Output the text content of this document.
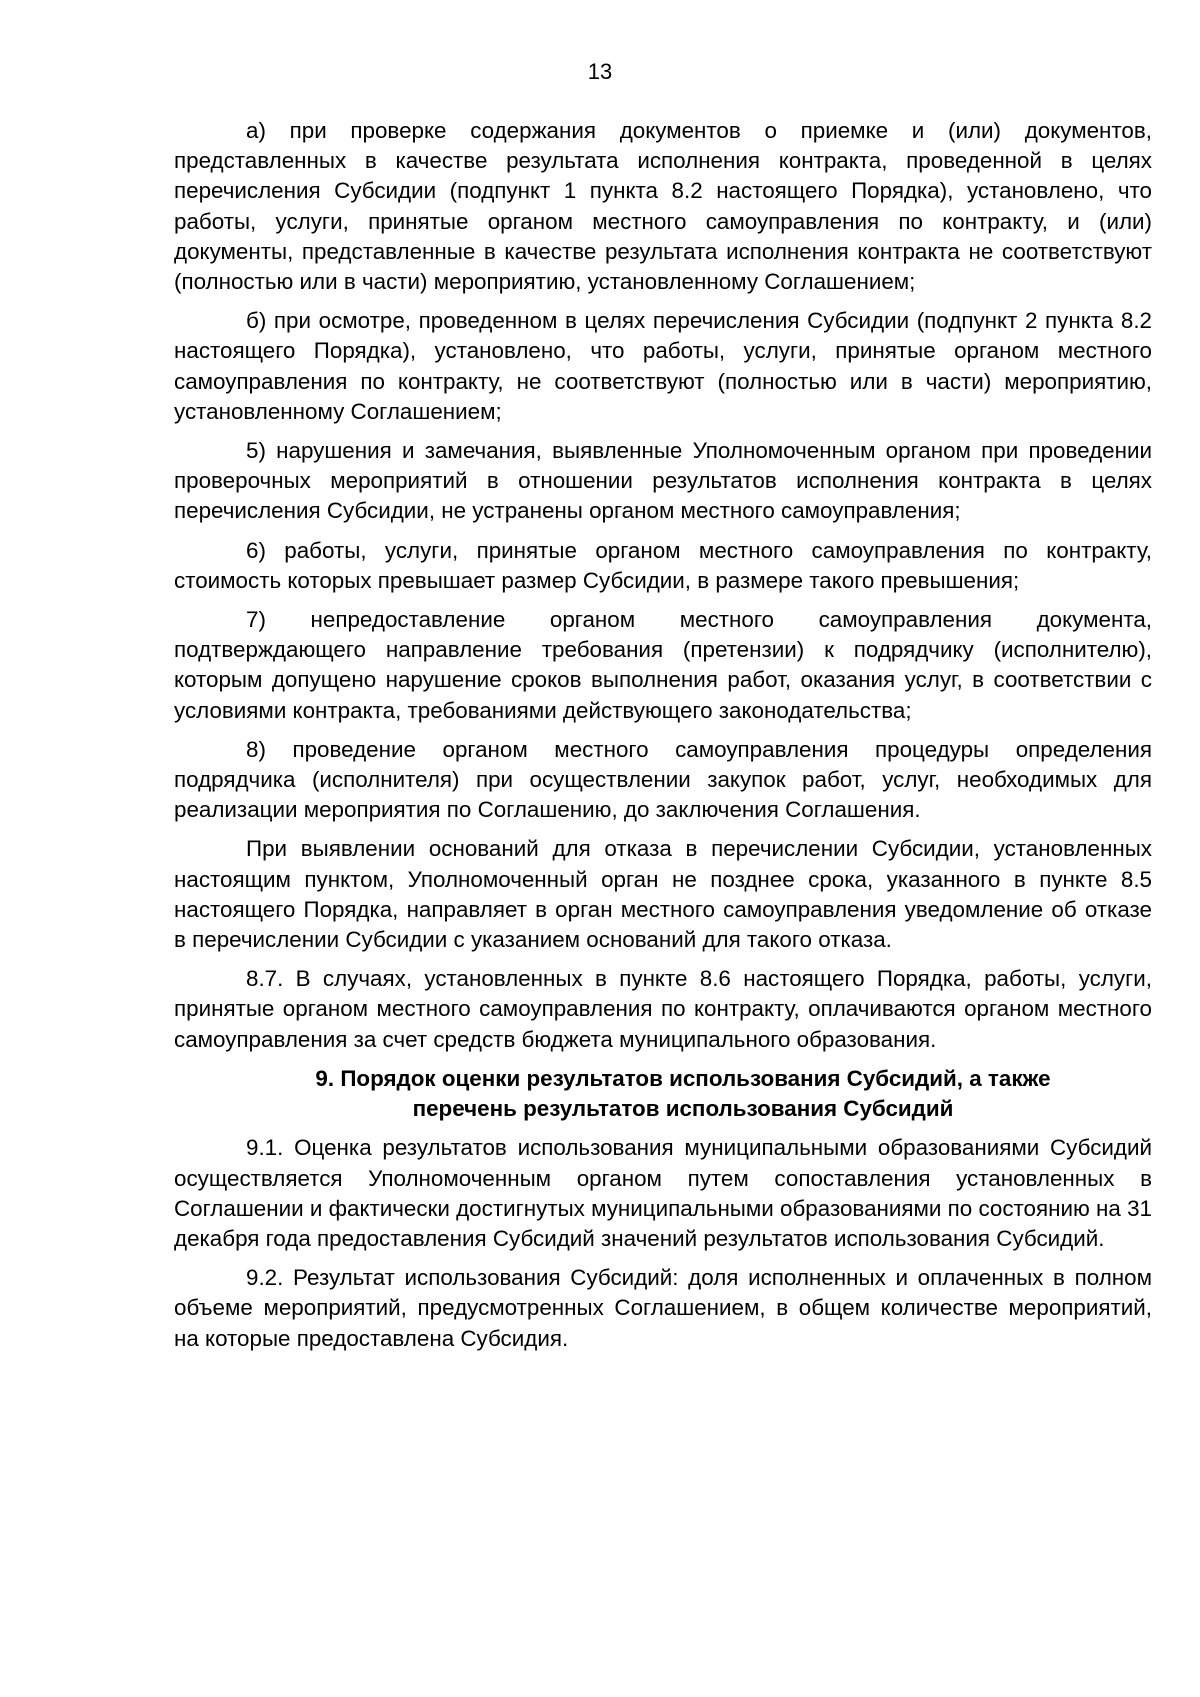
13

а) при проверке содержания документов о приемке и (или) документов, представленных в качестве результата исполнения контракта, проведенной в целях перечисления Субсидии (подпункт 1 пункта 8.2 настоящего Порядка), установлено, что работы, услуги, принятые органом местного самоуправления по контракту, и (или) документы, представленные в качестве результата исполнения контракта не соответствуют (полностью или в части) мероприятию, установленному Соглашением;

б) при осмотре, проведенном в целях перечисления Субсидии (подпункт 2 пункта 8.2 настоящего Порядка), установлено, что работы, услуги, принятые органом местного самоуправления по контракту, не соответствуют (полностью или в части) мероприятию, установленному Соглашением;

5) нарушения и замечания, выявленные Уполномоченным органом при проведении проверочных мероприятий в отношении результатов исполнения контракта в целях перечисления Субсидии, не устранены органом местного самоуправления;

6) работы, услуги, принятые органом местного самоуправления по контракту, стоимость которых превышает размер Субсидии, в размере такого превышения;

7) непредоставление органом местного самоуправления документа, подтверждающего направление требования (претензии) к подрядчику (исполнителю), которым допущено нарушение сроков выполнения работ, оказания услуг, в соответствии с условиями контракта, требованиями действующего законодательства;

8) проведение органом местного самоуправления процедуры определения подрядчика (исполнителя) при осуществлении закупок работ, услуг, необходимых для реализации мероприятия по Соглашению, до заключения Соглашения.

При выявлении оснований для отказа в перечислении Субсидии, установленных настоящим пунктом, Уполномоченный орган не позднее срока, указанного в пункте 8.5 настоящего Порядка, направляет в орган местного самоуправления уведомление об отказе в перечислении Субсидии с указанием оснований для такого отказа.

8.7. В случаях, установленных в пункте 8.6 настоящего Порядка, работы, услуги, принятые органом местного самоуправления по контракту, оплачиваются органом местного самоуправления за счет средств бюджета муниципального образования.

9. Порядок оценки результатов использования Субсидий, а также
перечень результатов использования Субсидий

9.1. Оценка результатов использования муниципальными образованиями Субсидий осуществляется Уполномоченным органом путем сопоставления установленных в Соглашении и фактически достигнутых муниципальными образованиями по состоянию на 31 декабря года предоставления Субсидий значений результатов использования Субсидий.

9.2. Результат использования Субсидий: доля исполненных и оплаченных в полном объеме мероприятий, предусмотренных Соглашением, в общем количестве мероприятий, на которые предоставлена Субсидия.
